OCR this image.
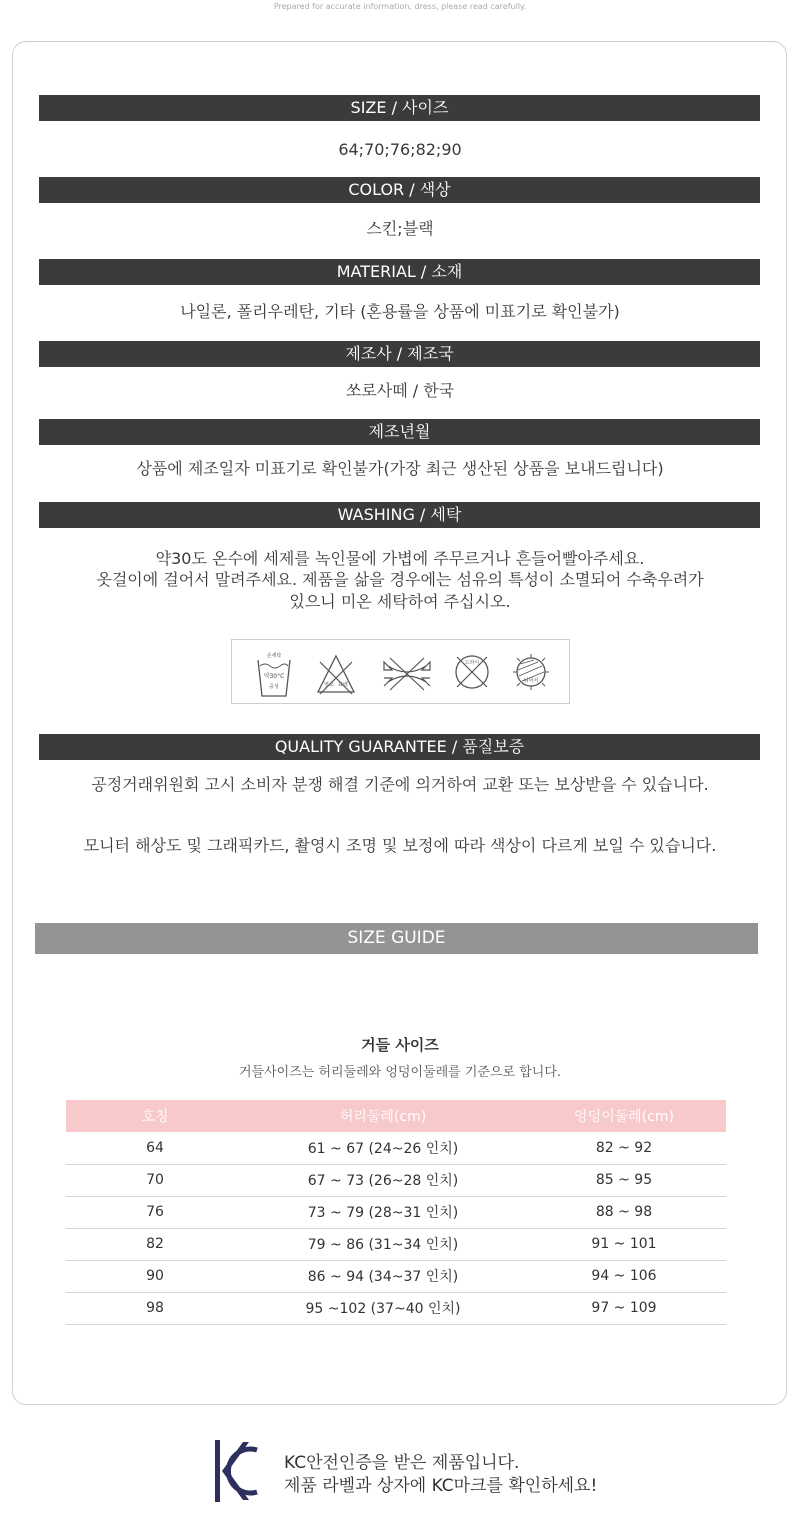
Prepared for accurate information, dress, please read carefully.
SIZE / 사이즈
64;70;76;82;90
COLOR / 색상
스킨;블랙
MATERIAL / 소재
나일론, 폴리우레탄, 기타 (혼용률을 상품에 미표기로 확인불가)
제조사 / 제조국
쏘로사떼 / 한국
제조년월
상품에 제조일자 미표기로 확인불가(가장 최근 생산된 상품을 보내드립니다)
WASHING / 세탁
약30도 온수에 세제를 녹인물에 가볍에 주무르거나 흔들어빨아주세요.
옷걸이에 걸어서 말려주세요. 제품을 삶을 경우에는 섬유의 특성이 소멸되어 수축우려가
있으니 미온 세탁하여 주십시오.
손세탁
약30°C
중성	염소 표백
드라이
뉘어서
QUALITY GUARANTEE / 품질보증
공정거래위원회 고시 소비자 분쟁 해결 기준에 의거하여 교환 또는 보상받을 수 있습니다.
모니터 해상도 및 그래픽카드, 촬영시 조명 및 보정에 따라 색상이 다르게 보일 수 있습니다.
SIZE GUIDE
거들 사이즈
거들사이즈는 허리둘레와 엉덩이둘레를 기준으로 합니다.
호칭	허리둘레(cm)	엉덩이둘레(cm)
64	61 ~ 67 (24~26 인치)	82 ~ 92
70	67 ~ 73 (26~28 인치)	85 ~ 95
76	73 ~ 79 (28~31 인치)	88 ~ 98
82	79 ~ 86 (31~34 인치)	91 ~ 101
90	86 ~ 94 (34~37 인치)	94 ~ 106
98	95 ~102 (37~40 인치)	97 ~ 109
KC안전인증을 받은 제품입니다.
제품 라벨과 상자에 KC마크를 확인하세요!
